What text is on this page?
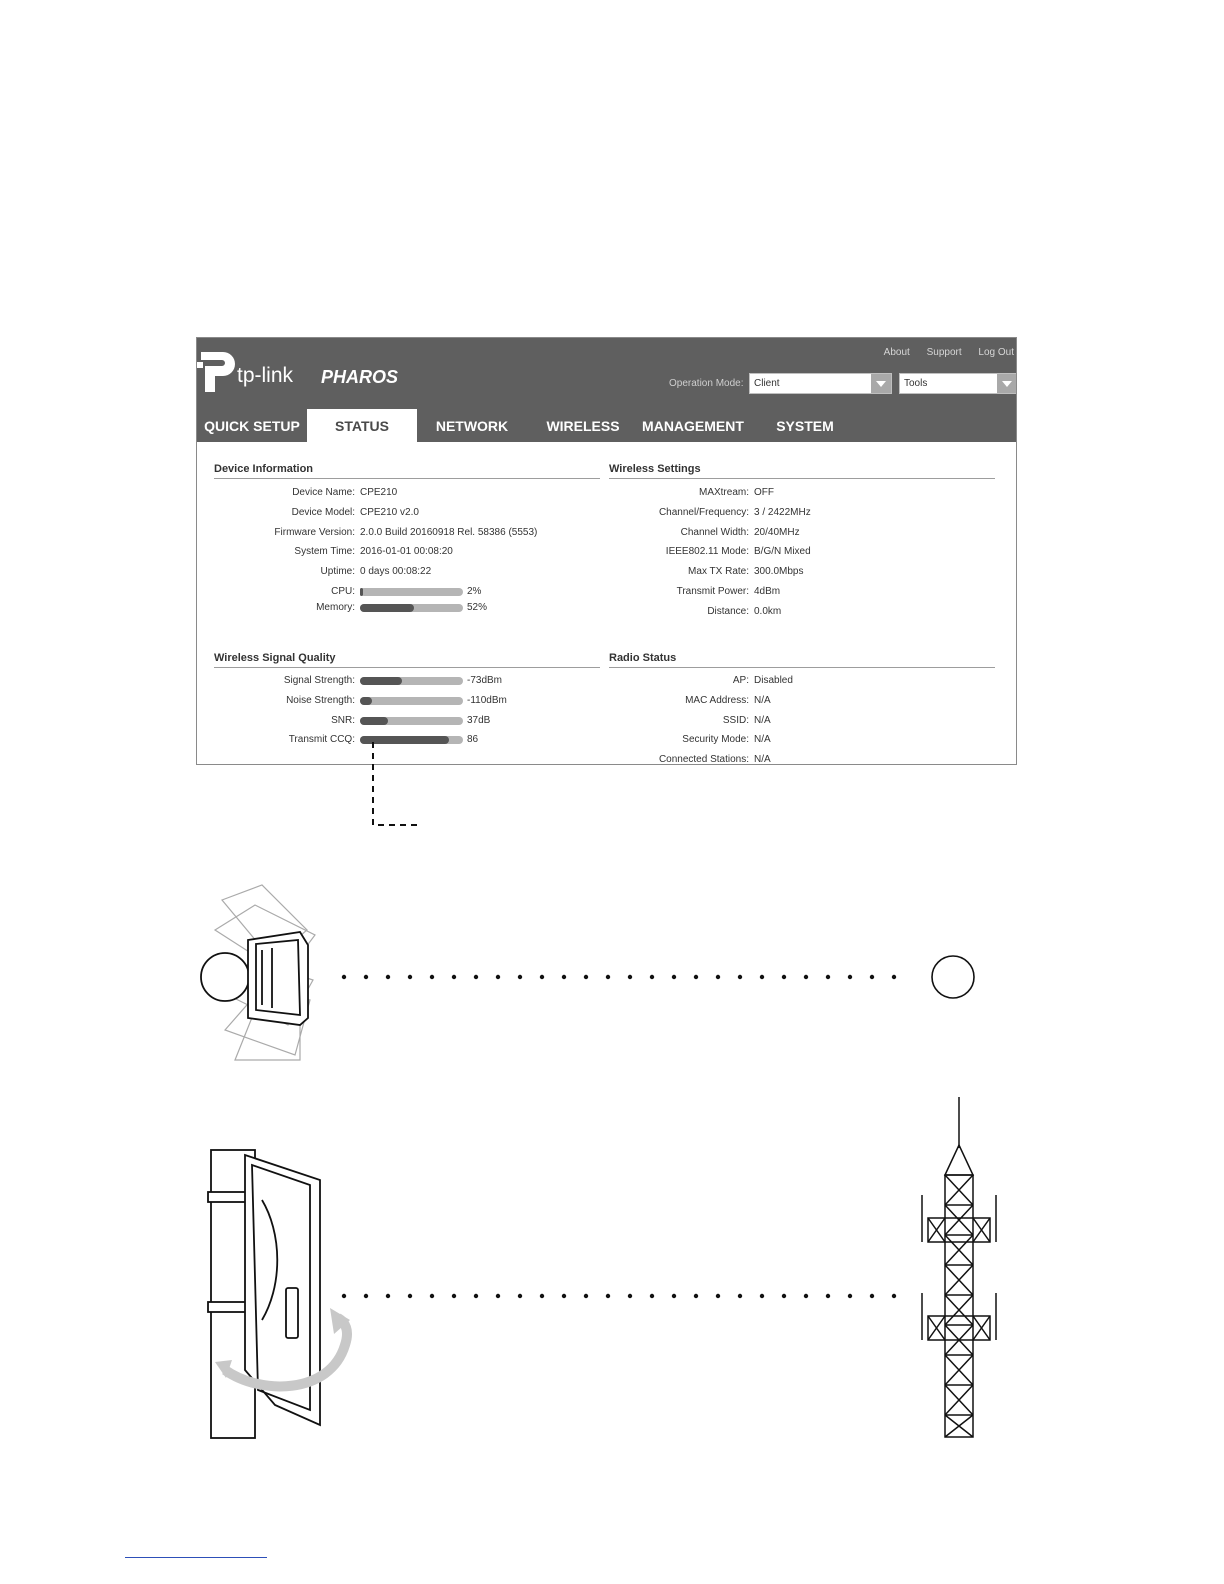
tp-link PHAROS
About Support Log Out
Operation Mode:	Client	Tools
QUICK SETUP	STATUS	NETWORK	WIRELESS	MANAGEMENT	SYSTEM
Device Information
Device Name: CPE210
Device Model: CPE210 v2.0
Firmware Version: 2.0.0 Build 20160918 Rel. 58386 (5553)
System Time: 2016-01-01 00:08:20
Uptime: 0 days 00:08:22
CPU:	2%
Memory:	52%
Wireless Settings
MAXtream: OFF
Channel/Frequency: 3 / 2422MHz
Channel Width: 20/40MHz
IEEE802.11 Mode: B/G/N Mixed
Max TX Rate: 300.0Mbps
Transmit Power: 4dBm
Distance: 0.0km
Wireless Signal Quality
Signal Strength:	-73dBm
Noise Strength:	-110dBm
SNR:	37dB
Transmit CCQ:	86
Radio Status
AP: Disabled
MAC Address: N/A
SSID: N/A
Security Mode: N/A
Connected Stations: N/A
